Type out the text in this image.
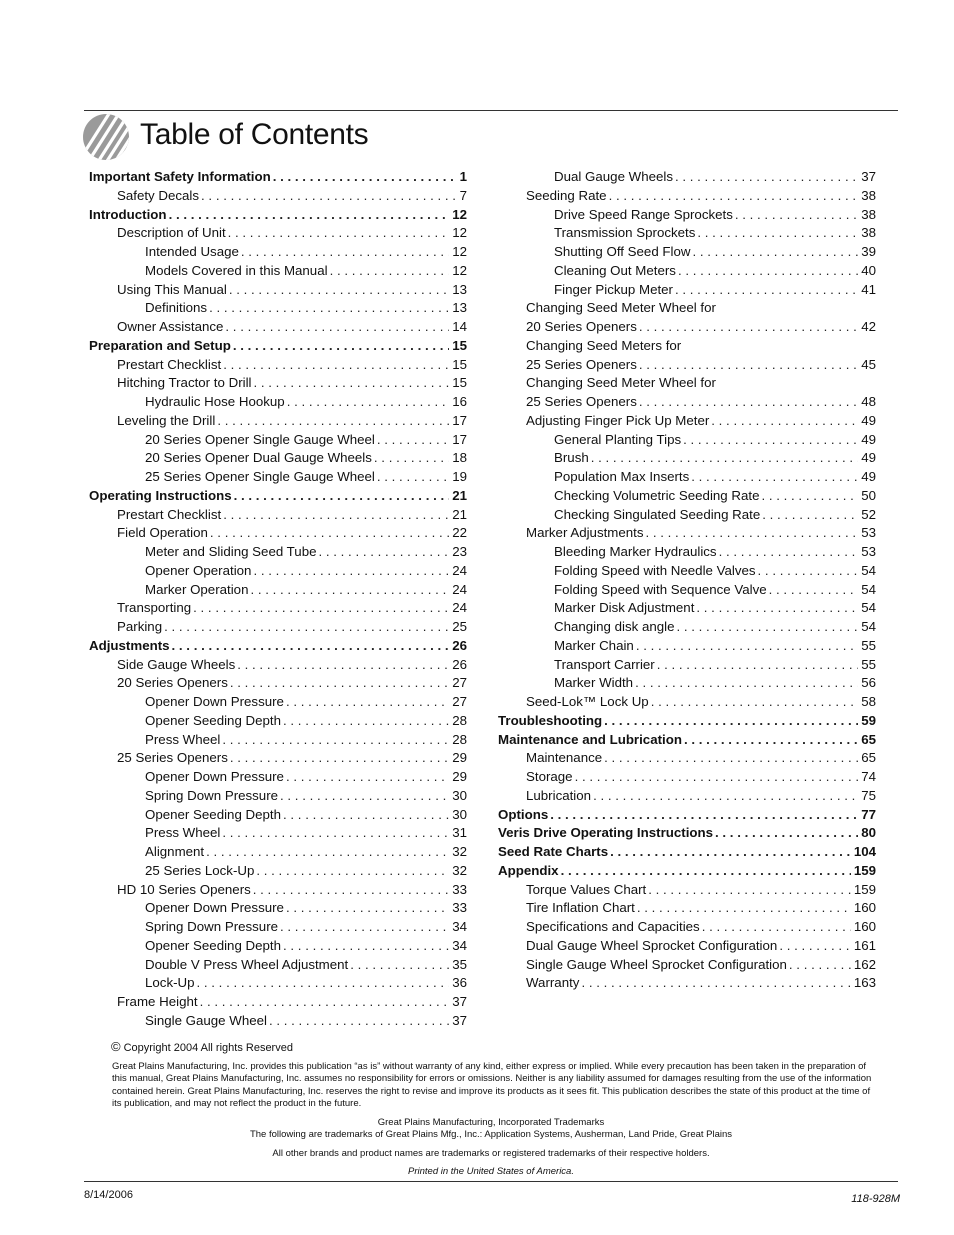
Table of Contents
Important Safety Information . . .	1
Safety Decals . . .	7
Introduction . . .	12
Description of Unit . . .	12
Intended Usage . . .	12
Models Covered in this Manual . . .	12
Using This Manual . . .	13
Definitions . . .	13
Owner Assistance . . .	14
Preparation and Setup . . .	15
Prestart Checklist . . .	15
Hitching Tractor to Drill . . .	15
Hydraulic Hose Hookup . . .	16
Leveling the Drill . . .	17
20 Series Opener Single Gauge Wheel . . .	17
20 Series Opener Dual Gauge Wheels . . .	18
25 Series Opener Single Gauge Wheel . . .	19
Operating Instructions . . .	21
Prestart Checklist . . .	21
Field Operation . . .	22
Meter and Sliding Seed Tube . . .	23
Opener Operation . . .	24
Marker Operation . . .	24
Transporting . . .	24
Parking . . .	25
Adjustments . . .	26
Side Gauge Wheels . . .	26
20 Series Openers . . .	27
Opener Down Pressure . . .	27
Opener Seeding Depth . . .	28
Press Wheel . . .	28
25 Series Openers . . .	29
Opener Down Pressure . . .	29
Spring Down Pressure . . .	30
Opener Seeding Depth . . .	30
Press Wheel . . .	31
Alignment . . .	32
25 Series Lock-Up . . .	32
HD 10 Series Openers . . .	33
Opener Down Pressure . . .	33
Spring Down Pressure . . .	34
Opener Seeding Depth . . .	34
Double V Press Wheel Adjustment . . .	35
Lock-Up . . .	36
Frame Height . . .	37
Single Gauge Wheel . . .	37
Dual Gauge Wheels . . .	37
Seeding Rate . . .	38
Drive Speed Range Sprockets . . .	38
Transmission Sprockets . . .	38
Shutting Off Seed Flow . . .	39
Cleaning Out Meters . . .	40
Finger Pickup Meter . . .	41
Changing Seed Meter Wheel for
20 Series Openers . . .	42
Changing Seed Meters for
25 Series Openers . . .	45
Changing Seed Meter Wheel for
25 Series Openers . . .	48
Adjusting Finger Pick Up Meter . . .	49
General Planting Tips . . .	49
Brush . . .	49
Population Max Inserts . . .	49
Checking Volumetric Seeding Rate . . .	50
Checking Singulated Seeding Rate . . .	52
Marker Adjustments . . .	53
Bleeding Marker Hydraulics . . .	53
Folding Speed with Needle Valves . . .	54
Folding Speed with Sequence Valve . . .	54
Marker Disk Adjustment . . .	54
Changing disk angle . . .	54
Marker Chain . . .	55
Transport Carrier . . .	55
Marker Width . . .	56
Seed-Lok™ Lock Up . . .	58
Troubleshooting . . .	59
Maintenance and Lubrication . . .	65
Maintenance . . .	65
Storage . . .	74
Lubrication . . .	75
Options . . .	77
Veris Drive Operating Instructions . . .	80
Seed Rate Charts . . .	104
Appendix . . .	159
Torque Values Chart . . .	159
Tire Inflation Chart . . .	160
Specifications and Capacities . . .	160
Dual Gauge Wheel Sprocket Configuration . . .	161
Single Gauge Wheel Sprocket Configuration . . .	162
Warranty . . .	163
© Copyright 2004 All rights Reserved
Great Plains Manufacturing, Inc. provides this publication “as is” without warranty of any kind, either express or implied. While every precaution has been taken in the preparation of this manual, Great Plains Manufacturing, Inc. assumes no responsibility for errors or omissions. Neither is any liability assumed for damages resulting from the use of the information contained herein. Great Plains Manufacturing, Inc. reserves the right to revise and improve its products as it sees fit. This publication describes the state of this product at the time of its publication, and may not reflect the product in the future.
Great Plains Manufacturing, Incorporated Trademarks
The following are trademarks of Great Plains Mfg., Inc.: Application Systems, Ausherman, Land Pride, Great Plains
All other brands and product names are trademarks or registered trademarks of their respective holders.
Printed in the United States of America.
8/14/2006	118-928M
